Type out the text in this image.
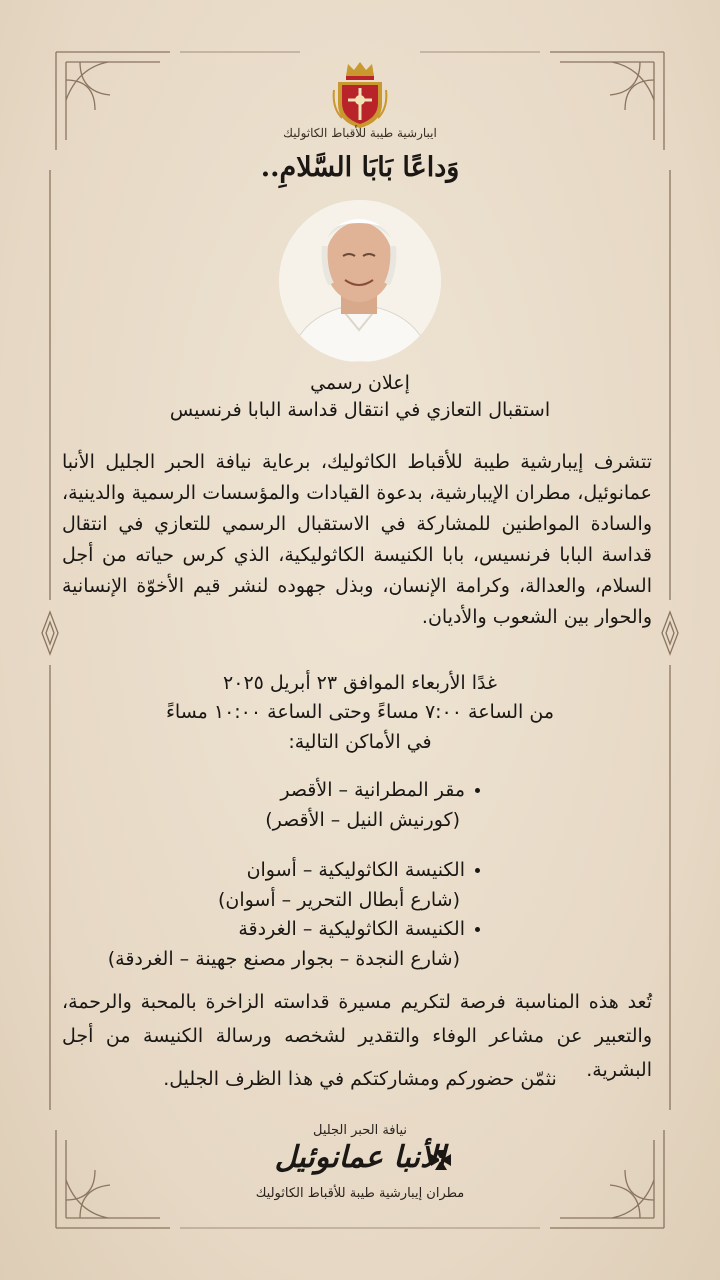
ايبارشية طيبة للأقباط الكاثوليك
وَداعًا بَابَا السَّلامِ..
إعلان رسمي
استقبال التعازي في انتقال قداسة البابا فرنسيس
تتشرف إيبارشية طيبة للأقباط الكاثوليك، برعاية نيافة الحبر الجليل الأنبا عمانوئيل، مطران الإيبارشية، بدعوة القيادات والمؤسسات الرسمية والدينية، والسادة المواطنين للمشاركة في الاستقبال الرسمي للتعازي في انتقال قداسة البابا فرنسيس، بابا الكنيسة الكاثوليكية، الذي كرس حياته من أجل السلام، والعدالة، وكرامة الإنسان، وبذل جهوده لنشر قيم الأخوّة الإنسانية والحوار بين الشعوب والأديان.
غدًا الأربعاء الموافق ٢٣ أبريل ٢٠٢٥
من الساعة ٧:٠٠ مساءً وحتى الساعة ١٠:٠٠ مساءً
في الأماكن التالية:
مقر المطرانية – الأقصر
(كورنيش النيل – الأقصر)
الكنيسة الكاثوليكية – أسوان
(شارع أبطال التحرير – أسوان)
الكنيسة الكاثوليكية – الغردقة
(شارع النجدة – بجوار مصنع جهينة – الغردقة)
تُعد هذه المناسبة فرصة لتكريم مسيرة قداسته الزاخرة بالمحبة والرحمة، والتعبير عن مشاعر الوفاء والتقدير لشخصه ورسالة الكنيسة من أجل البشرية.
نثمّن حضوركم ومشاركتكم في هذا الظرف الجليل.
نيافة الحبر الجليل
الأنبا عمانوئيل
مطران إيبارشية طيبة للأقباط الكاثوليك
